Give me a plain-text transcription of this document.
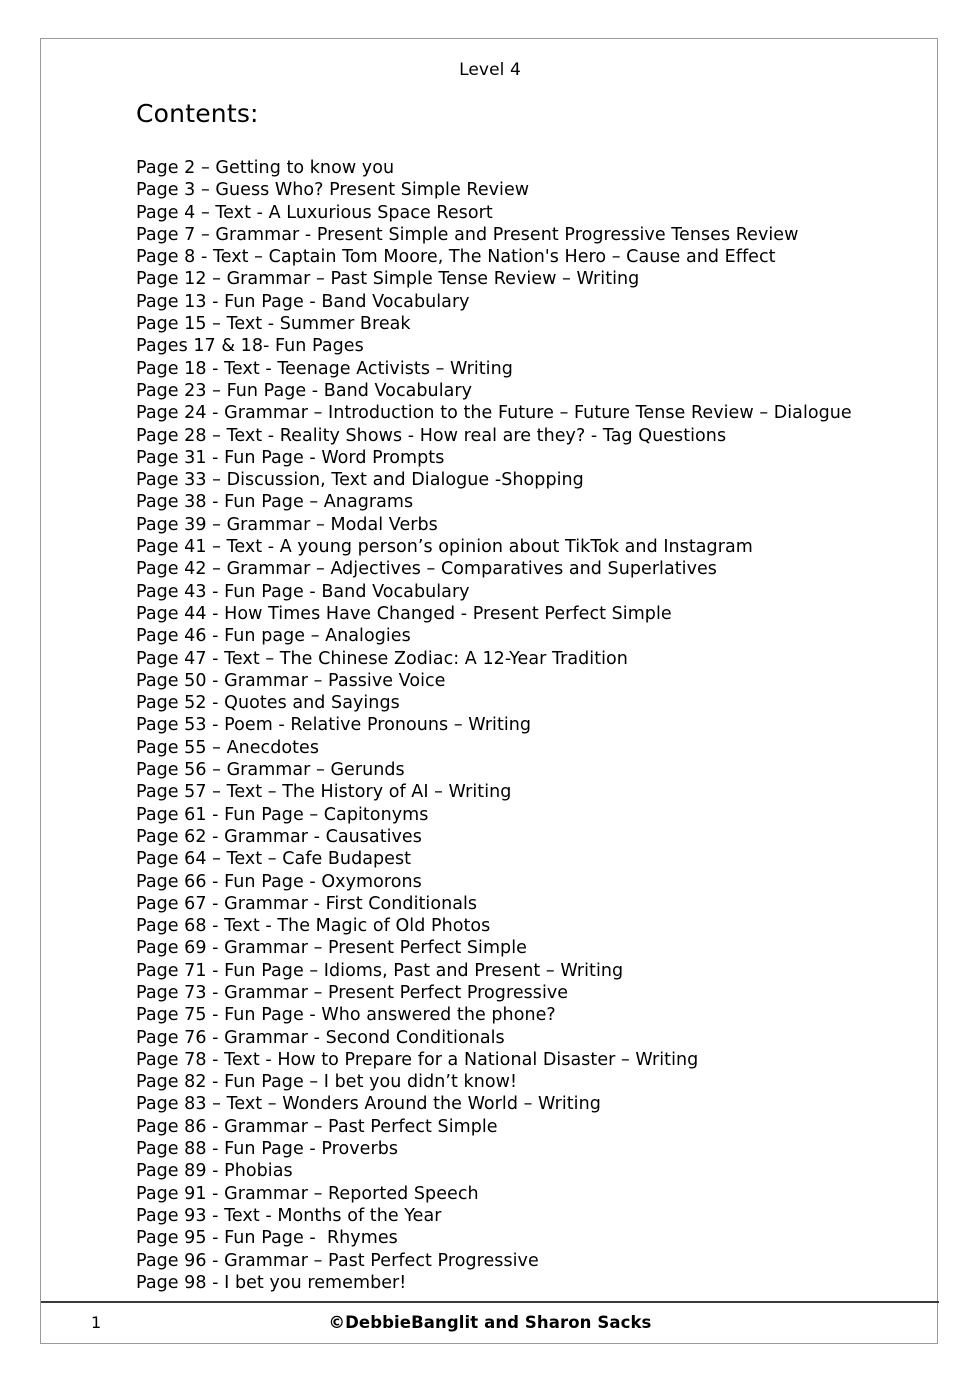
Level 4
Contents:
Page 2 – Getting to know you
Page 3 – Guess Who? Present Simple Review
Page 4 – Text - A Luxurious Space Resort
Page 7 – Grammar - Present Simple and Present Progressive Tenses Review
Page 8 - Text – Captain Tom Moore, The Nation's Hero – Cause and Effect
Page 12 – Grammar – Past Simple Tense Review – Writing
Page 13 - Fun Page - Band Vocabulary
Page 15 – Text - Summer Break
Pages 17 & 18- Fun Pages
Page 18 - Text - Teenage Activists – Writing
Page 23 – Fun Page - Band Vocabulary
Page 24 - Grammar – Introduction to the Future – Future Tense Review – Dialogue
Page 28 – Text - Reality Shows - How real are they? - Tag Questions
Page 31 - Fun Page - Word Prompts
Page 33 – Discussion, Text and Dialogue -Shopping
Page 38 - Fun Page – Anagrams
Page 39 – Grammar – Modal Verbs
Page 41 – Text - A young person’s opinion about TikTok and Instagram
Page 42 – Grammar – Adjectives – Comparatives and Superlatives
Page 43 - Fun Page - Band Vocabulary
Page 44 - How Times Have Changed - Present Perfect Simple
Page 46 - Fun page – Analogies
Page 47 - Text – The Chinese Zodiac: A 12-Year Tradition
Page 50 - Grammar – Passive Voice
Page 52 - Quotes and Sayings
Page 53 - Poem - Relative Pronouns – Writing
Page 55 – Anecdotes
Page 56 – Grammar – Gerunds
Page 57 – Text – The History of AI – Writing
Page 61 - Fun Page – Capitonyms
Page 62 - Grammar - Causatives
Page 64 – Text – Cafe Budapest
Page 66 - Fun Page - Oxymorons
Page 67 - Grammar - First Conditionals
Page 68 - Text - The Magic of Old Photos
Page 69 - Grammar – Present Perfect Simple
Page 71 - Fun Page – Idioms, Past and Present – Writing
Page 73 - Grammar – Present Perfect Progressive
Page 75 - Fun Page - Who answered the phone?
Page 76 - Grammar - Second Conditionals
Page 78 - Text - How to Prepare for a National Disaster – Writing
Page 82 - Fun Page – I bet you didn’t know!
Page 83 – Text – Wonders Around the World – Writing
Page 86 - Grammar – Past Perfect Simple
Page 88 - Fun Page - Proverbs
Page 89 - Phobias
Page 91 - Grammar – Reported Speech
Page 93 - Text - Months of the Year
Page 95 - Fun Page -  Rhymes
Page 96 - Grammar – Past Perfect Progressive
Page 98 - I bet you remember!
1	©DebbieBanglit and Sharon Sacks
